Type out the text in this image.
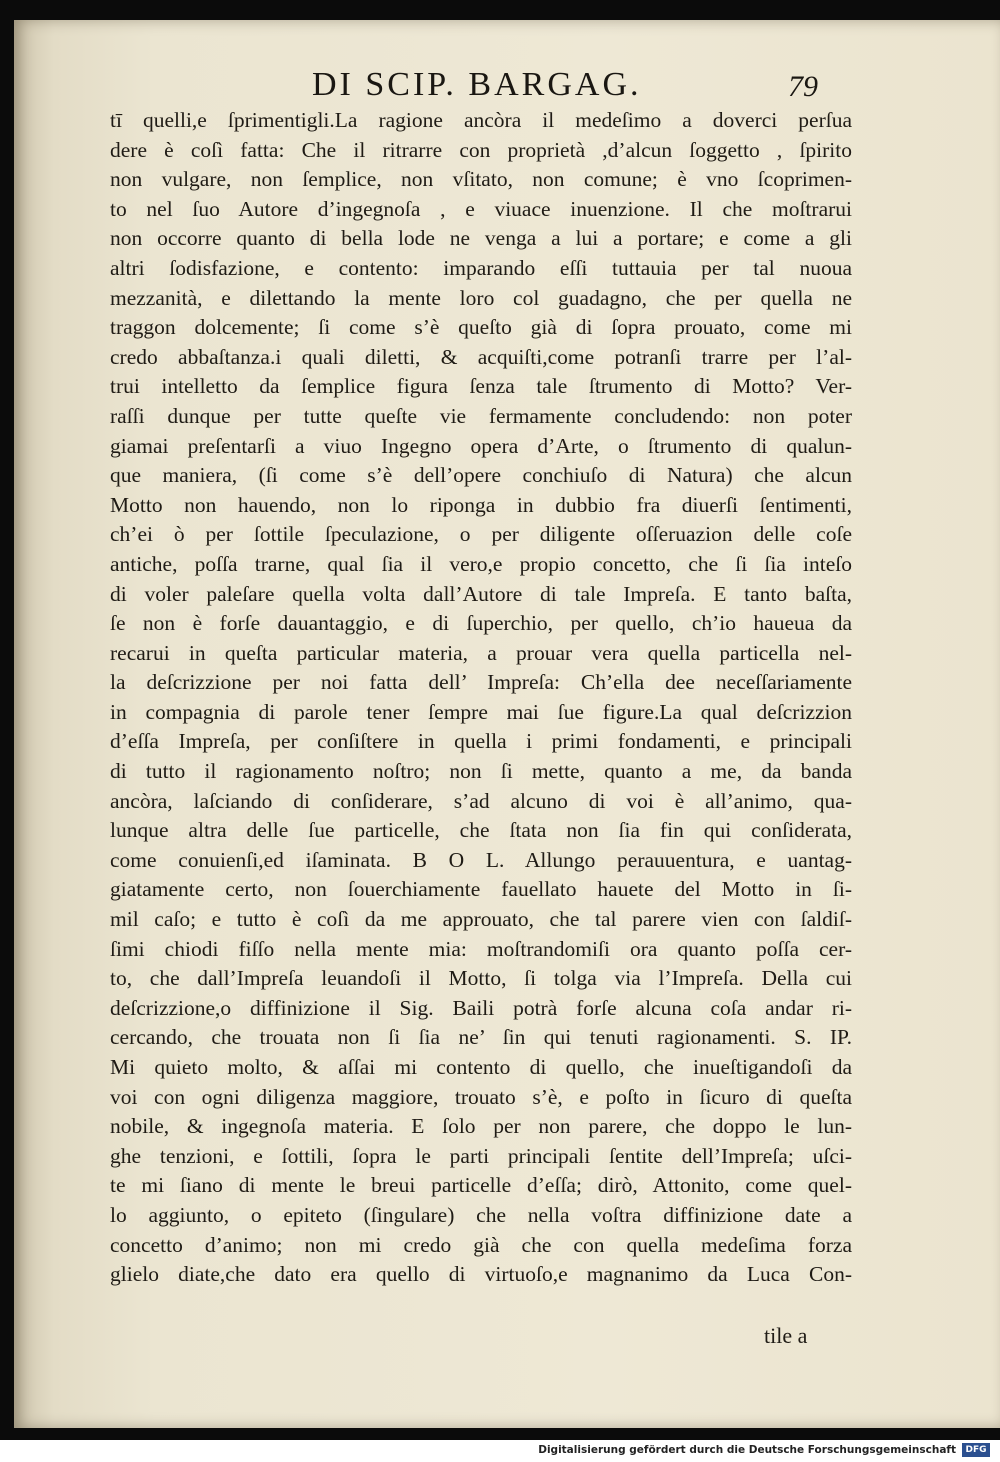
DI SCIP. BARGAG.	79
tī quelli,e ſprimentigli.La ragione ancòra il medeſimo a doverci perſua
dere è coſì fatta: Che il ritrarre con proprietà ,d’alcun ſoggetto , ſpirito
non vulgare, non ſemplice, non vſitato, non comune; è vno ſcoprimen-
to nel ſuo Autore d’ingegnoſa , e viuace inuenzione. Il che moſtrarui
non occorre quanto di bella lode ne venga a lui a portare; e come a gli
altri ſodisfazione, e contento: imparando eſſi tuttauia per tal nuoua
mezzanità, e dilettando la mente loro col guadagno, che per quella ne
traggon dolcemente; ſi come s’è queſto già di ſopra prouato, come mi
credo abbaſtanza.i quali diletti, & acquiſti,come potranſi trarre per l’al-
trui intelletto da ſemplice figura ſenza tale ſtrumento di Motto? Ver-
raſſi dunque per tutte queſte vie fermamente concludendo: non poter
giamai preſentarſi a viuo Ingegno opera d’Arte, o ſtrumento di qualun-
que maniera, (ſi come s’è dell’opere conchiuſo di Natura) che alcun
Motto non hauendo, non lo riponga in dubbio fra diuerſi ſentimenti,
ch’ei ò per ſottile ſpeculazione, o per diligente oſſeruazion delle coſe
antiche, poſſa trarne, qual ſia il vero,e propio concetto, che ſi ſia inteſo
di voler paleſare quella volta dall’Autore di tale Impreſa. E tanto baſta,
ſe non è forſe dauantaggio, e di ſuperchio, per quello, ch’io haueua da
recarui in queſta particular materia, a prouar vera quella particella nel-
la deſcrizzione per noi fatta dell’ Impreſa: Ch’ella dee neceſſariamente
in compagnia di parole tener ſempre mai ſue figure.La qual deſcrizzion
d’eſſa Impreſa, per conſiſtere in quella i primi fondamenti, e principali
di tutto il ragionamento noſtro; non ſi mette, quanto a me, da banda
ancòra, laſciando di conſiderare, s’ad alcuno di voi è all’animo, qua-
lunque altra delle ſue particelle, che ſtata non ſia fin qui conſiderata,
come conuienſi,ed iſaminata. B O L. Allungo perauuentura, e uantag-
giatamente certo, non ſouerchiamente fauellato hauete del Motto in ſi-
mil caſo; e tutto è coſì da me approuato, che tal parere vien con ſaldiſ-
ſimi chiodi fiſſo nella mente mia: moſtrandomiſi ora quanto poſſa cer-
to, che dall’Impreſa leuandoſi il Motto, ſi tolga via l’Impreſa. Della cui
deſcrizzione,o diffinizione il Sig. Baili potrà forſe alcuna coſa andar ri-
cercando, che trouata non ſi ſia ne’ ſin qui tenuti ragionamenti. S. IP.
Mi quieto molto, & aſſai mi contento di quello, che inueſtigandoſi da
voi con ogni diligenza maggiore, trouato s’è, e poſto in ſicuro di queſta
nobile, & ingegnoſa materia. E ſolo per non parere, che doppo le lun-
ghe tenzioni, e ſottili, ſopra le parti principali ſentite dell’Impreſa; uſci-
te mi ſiano di mente le breui particelle d’eſſa; dirò, Attonito, come quel-
lo aggiunto, o epiteto (ſingulare) che nella voſtra diffinizione date a
concetto d’animo; non mi credo già che con quella medeſima forza
glielo diate,che dato era quello di virtuoſo,e magnanimo da Luca Con-
tile a
Digitalisierung gefördert durch die Deutsche Forschungsgemeinschaft	DFG
